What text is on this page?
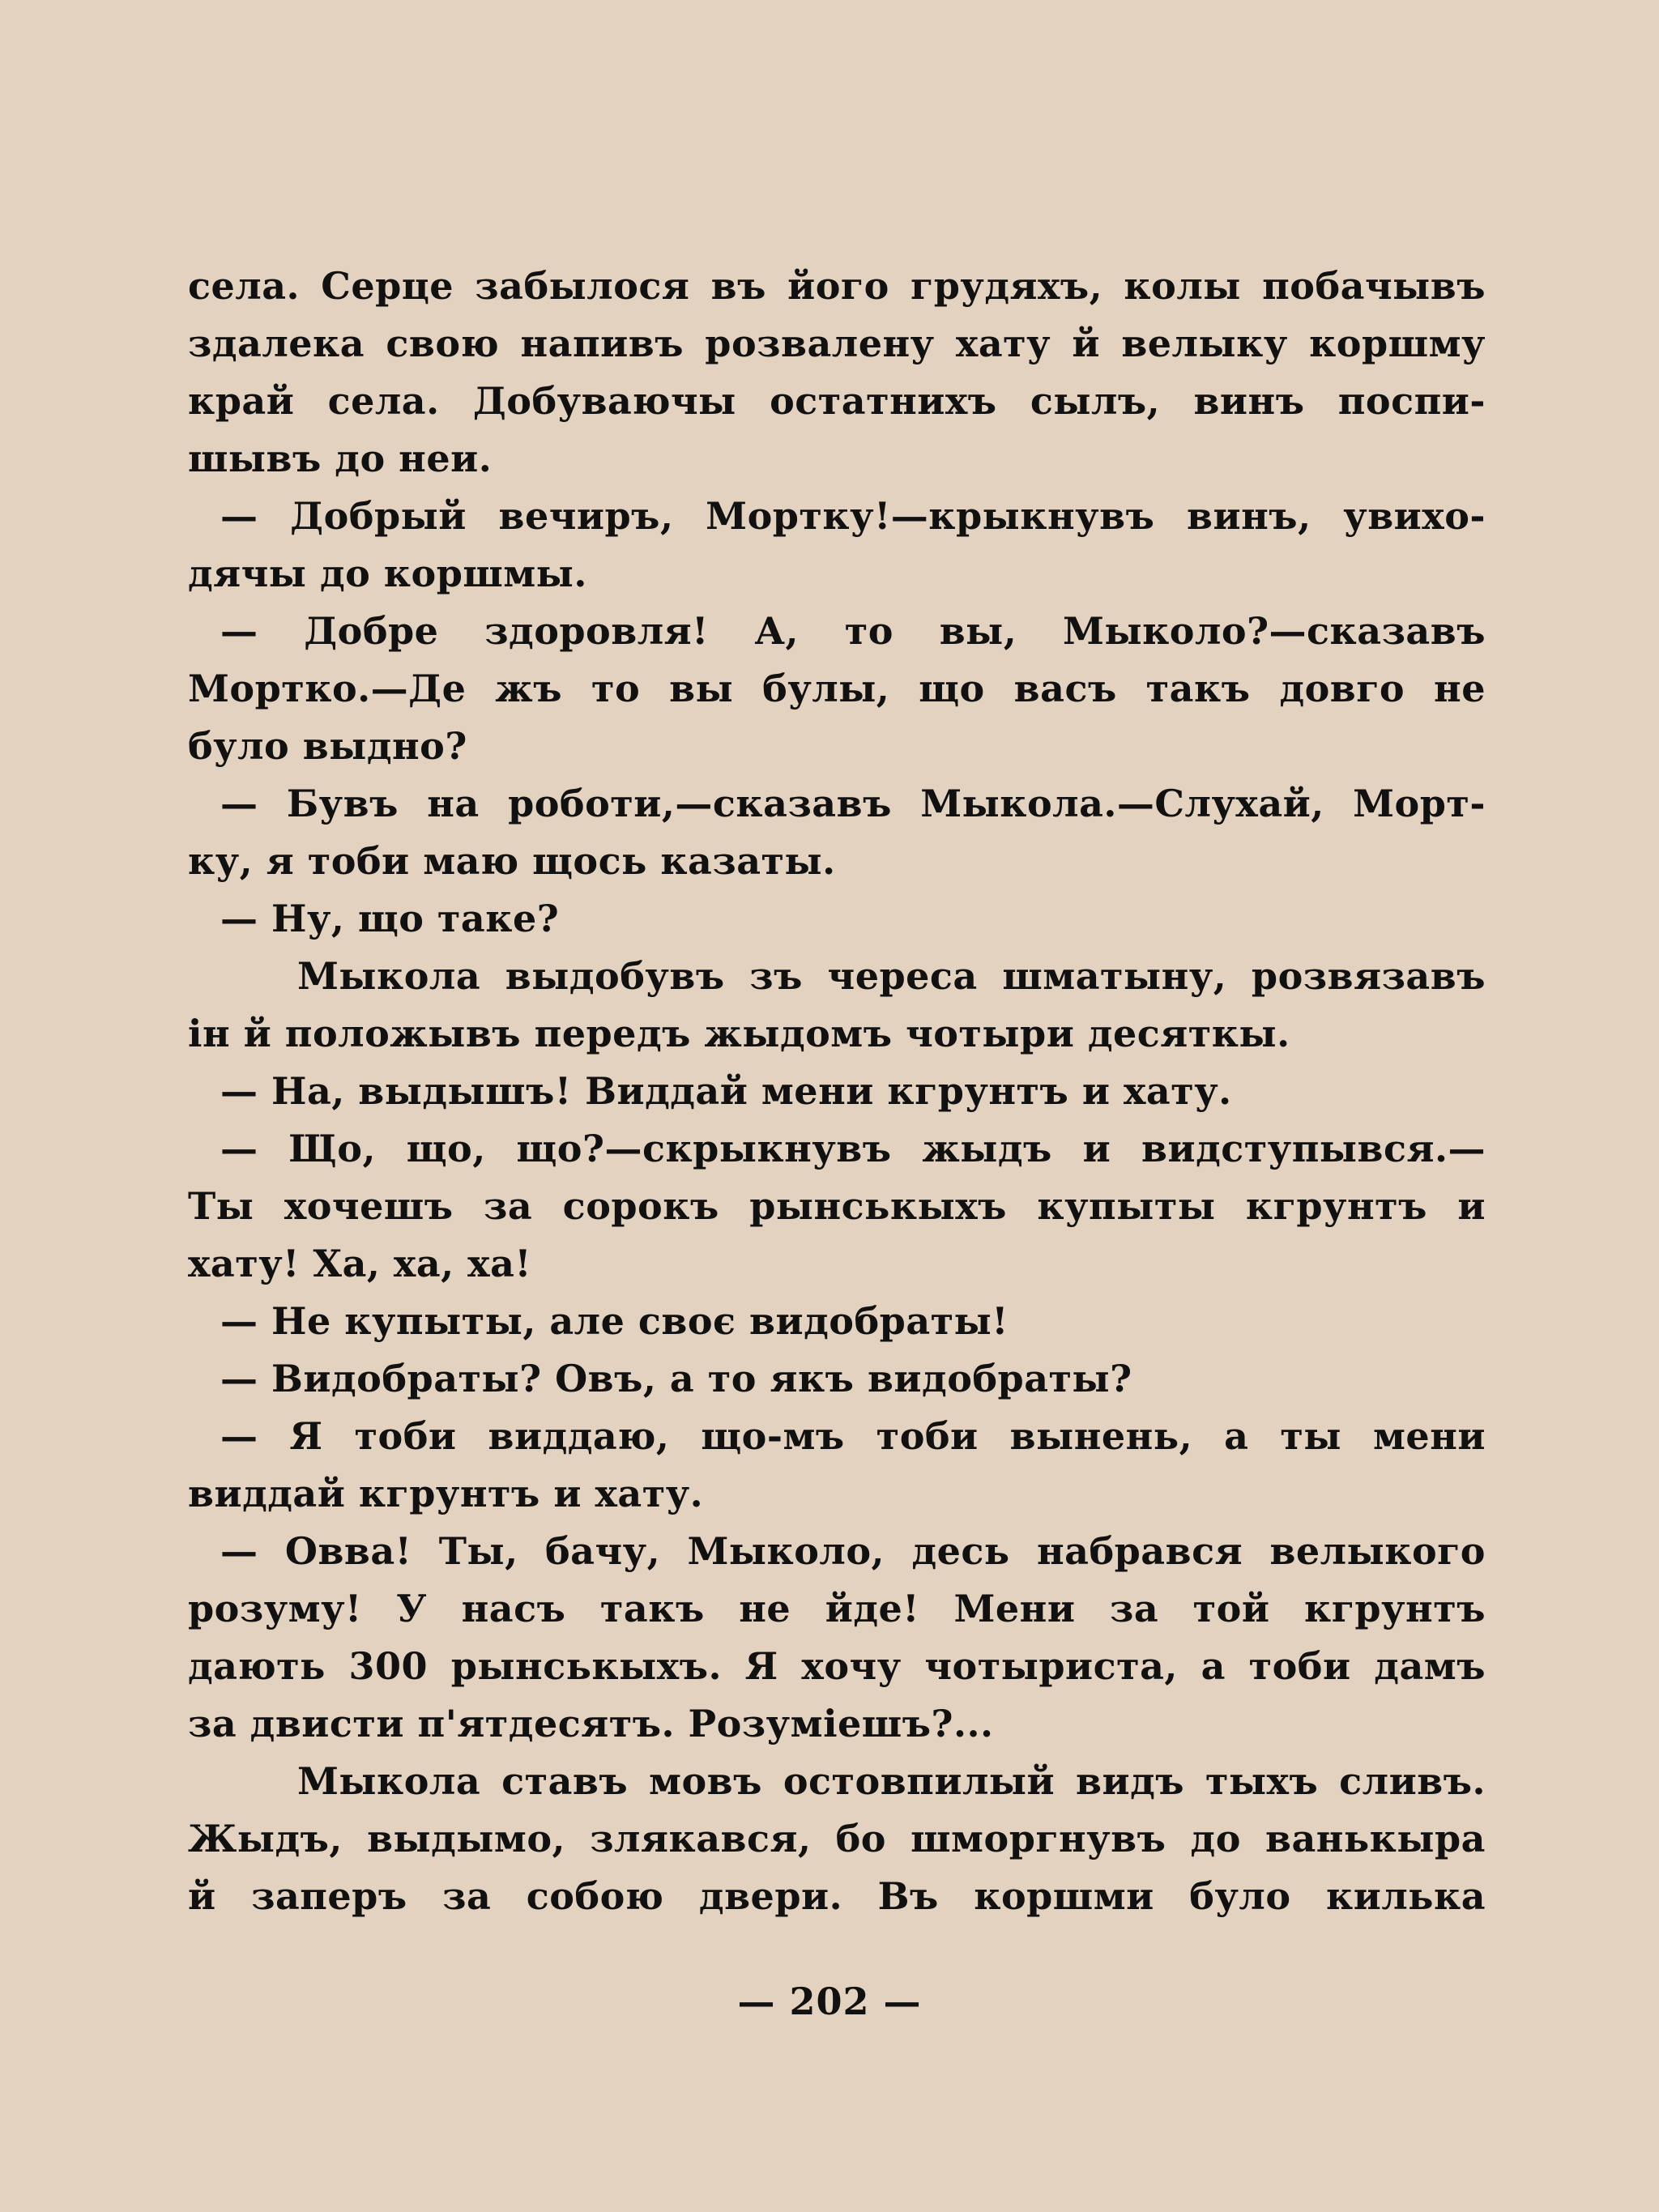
села. Серце забылося въ його грудяхъ, колы побачывъ
здалека свою напивъ розвалену хату й велыку коршму
край села. Добуваючы остатнихъ сылъ, винъ поспи-
шывъ до неи.
— Добрый вечиръ, Мортку!—крыкнувъ винъ, увихо-
дячы до коршмы.
— Добре здоровля! А, то вы, Мыколо?—сказавъ
Мортко.—Де жъ то вы булы, що васъ такъ довго не
було выдно?
— Бувъ на роботи,—сказавъ Мыкола.—Слухай, Морт-
ку, я тоби маю щось казаты.
— Ну, що таке?
Мыкола выдобувъ зъ череса шматыну, розвязавъ
ін й положывъ передъ жыдомъ чотыри десяткы.
— На, выдышъ! Виддай мени кгрунтъ и хату.
— Що, що, що?—скрыкнувъ жыдъ и видступывся.—
Ты хочешъ за сорокъ рынськыхъ купыты кгрунтъ и
хату! Ха, ха, ха!
— Не купыты, але своє видобраты!
— Видобраты? Овъ, а то якъ видобраты?
— Я тоби виддаю, що-мъ тоби вынень, а ты мени
виддай кгрунтъ и хату.
— Овва! Ты, бачу, Мыколо, десь набрався велыкого
розуму! У насъ такъ не йде! Мени за той кгрунтъ
дають 300 рынськыхъ. Я хочу чотыриста, а тоби дамъ
за двисти п'ятдесятъ. Розуміешъ?...
Мыкола ставъ мовъ остовпилый видъ тыхъ сливъ.
Жыдъ, выдымо, злякався, бо шморгнувъ до ванькыра
й заперъ за собою двери. Въ коршми було килька
— 202 —
